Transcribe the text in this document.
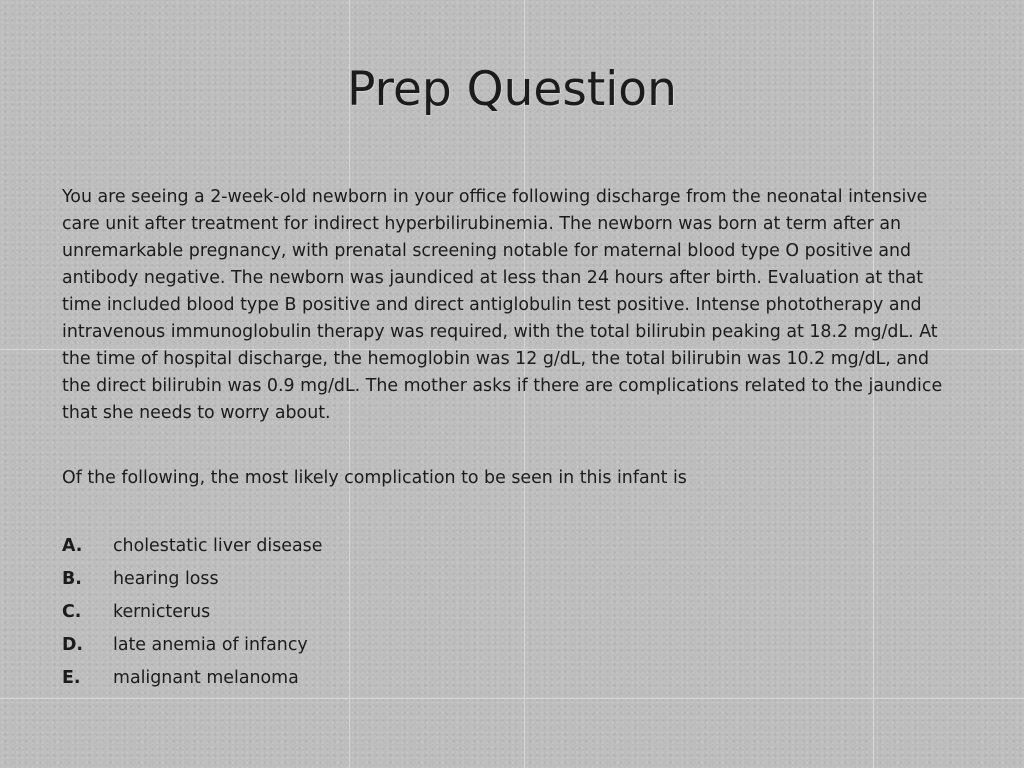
Prep Question

You are seeing a 2-week-old newborn in your office following discharge from the neonatal intensive care unit after treatment for indirect hyperbilirubinemia. The newborn was born at term after an unremarkable pregnancy, with prenatal screening notable for maternal blood type O positive and antibody negative. The newborn was jaundiced at less than 24 hours after birth. Evaluation at that time included blood type B positive and direct antiglobulin test positive. Intense phototherapy and intravenous immunoglobulin therapy was required, with the total bilirubin peaking at 18.2 mg/dL. At the time of hospital discharge, the hemoglobin was 12 g/dL, the total bilirubin was 10.2 mg/dL, and the direct bilirubin was 0.9 mg/dL. The mother asks if there are complications related to the jaundice that she needs to worry about.

Of the following, the most likely complication to be seen in this infant is

A.	cholestatic liver disease
B.	hearing loss
C.	kernicterus
D.	late anemia of infancy
E.	malignant melanoma
